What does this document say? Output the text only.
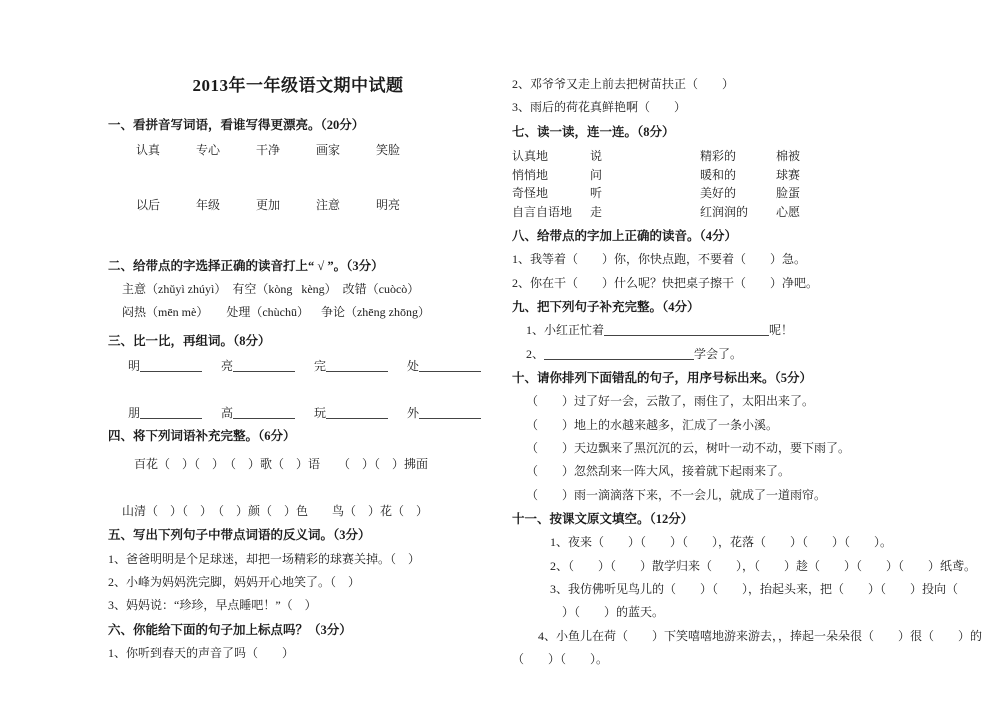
2013年一年级语文期中试题
一、看拼音写词语，看谁写得更漂亮。（20分）
认真	专心	干净	画家	笑脸
以后	年级	更加	注意	明亮
二、给带点的字选择正确的读音打上“ √ ”。（3分）
主意（zhǔyì zhúyì）  有空（kòng   kèng）  改错（cuòcò）
闷热（mēn mè）      处理（chùchū）    争论（zhēng zhōng）
三、比一比，再组词。（8分）
明	亮	完	处
朋	高	玩	外
四、将下列词语补充完整。（6分）
百花（　）（　）　（　）歌（　）语　　（　）（　）拂面
山清（　）（　）　（　）颜（　）色　　鸟（　）花（　）
五、写出下列句子中带点词语的反义词。（3分）
1、爸爸明明是个足球迷，却把一场精彩的球赛关掉。（　）
2、小峰为妈妈洗完脚，妈妈开心地笑了。（　）
3、妈妈说：“珍珍，早点睡吧！”（　）
六、你能给下面的句子加上标点吗？（3分）
1、你听到春天的声音了吗（　　）
2、邓爷爷又走上前去把树苗扶正（　　）
3、雨后的荷花真鲜艳啊（　　）
七、读一读，连一连。（8分）
认真地	说	精彩的	棉被
悄悄地	问	暖和的	球赛
奇怪地	听	美好的	脸蛋
自言自语地	走	红润润的	心愿
八、给带点的字加上正确的读音。（4分）
1、我等着（　　）你，你快点跑，不要着（　　）急。
2、你在干（　　）什么呢？快把桌子擦干（　　）净吧。
九、把下列句子补充完整。（4分）
1、小红正忙着	呢！
2、	学会了。
十、请你排列下面错乱的句子，用序号标出来。（5分）
（　　）过了好一会，云散了，雨住了，太阳出来了。
（　　）地上的水越来越多，汇成了一条小溪。
（　　）天边飘来了黑沉沉的云，树叶一动不动，要下雨了。
（　　）忽然刮来一阵大风，接着就下起雨来了。
（　　）雨一滴滴落下来，不一会儿，就成了一道雨帘。
十一、按课文原文填空。（12分）
1、夜来（　　）（　　）（　　），花落（　　）（　　）（　　）。
2、（　　）（　　）散学归来（　　），（　　）趁（　　）（　　）（　　）纸鸢。
3、我仿佛听见鸟儿的（　　）（　　），抬起头来，把（　　）（　　）投向（
　）（　　）的蓝天。
4、小鱼儿在荷（　　）下笑嘻嘻地游来游去，，捧起一朵朵很（　　）很（　　）的
（　　）（　　）。
